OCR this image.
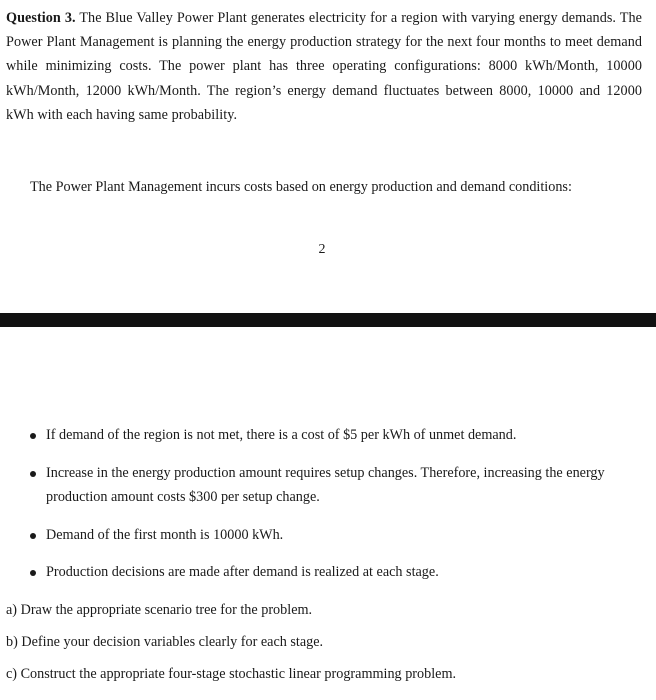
Question 3. The Blue Valley Power Plant generates electricity for a region with varying energy demands. The Power Plant Management is planning the energy production strategy for the next four months to meet demand while minimizing costs. The power plant has three operating configurations: 8000 kWh/Month, 10000 kWh/Month, 12000 kWh/Month. The region’s energy demand fluctuates between 8000, 10000 and 12000 kWh with each having same probability.

The Power Plant Management incurs costs based on energy production and demand conditions:

2
If demand of the region is not met, there is a cost of $5 per kWh of unmet demand.
Increase in the energy production amount requires setup changes. Therefore, increasing the energy production amount costs $300 per setup change.
Demand of the first month is 10000 kWh.
Production decisions are made after demand is realized at each stage.
a) Draw the appropriate scenario tree for the problem.
b) Define your decision variables clearly for each stage.
c) Construct the appropriate four-stage stochastic linear programming problem.
